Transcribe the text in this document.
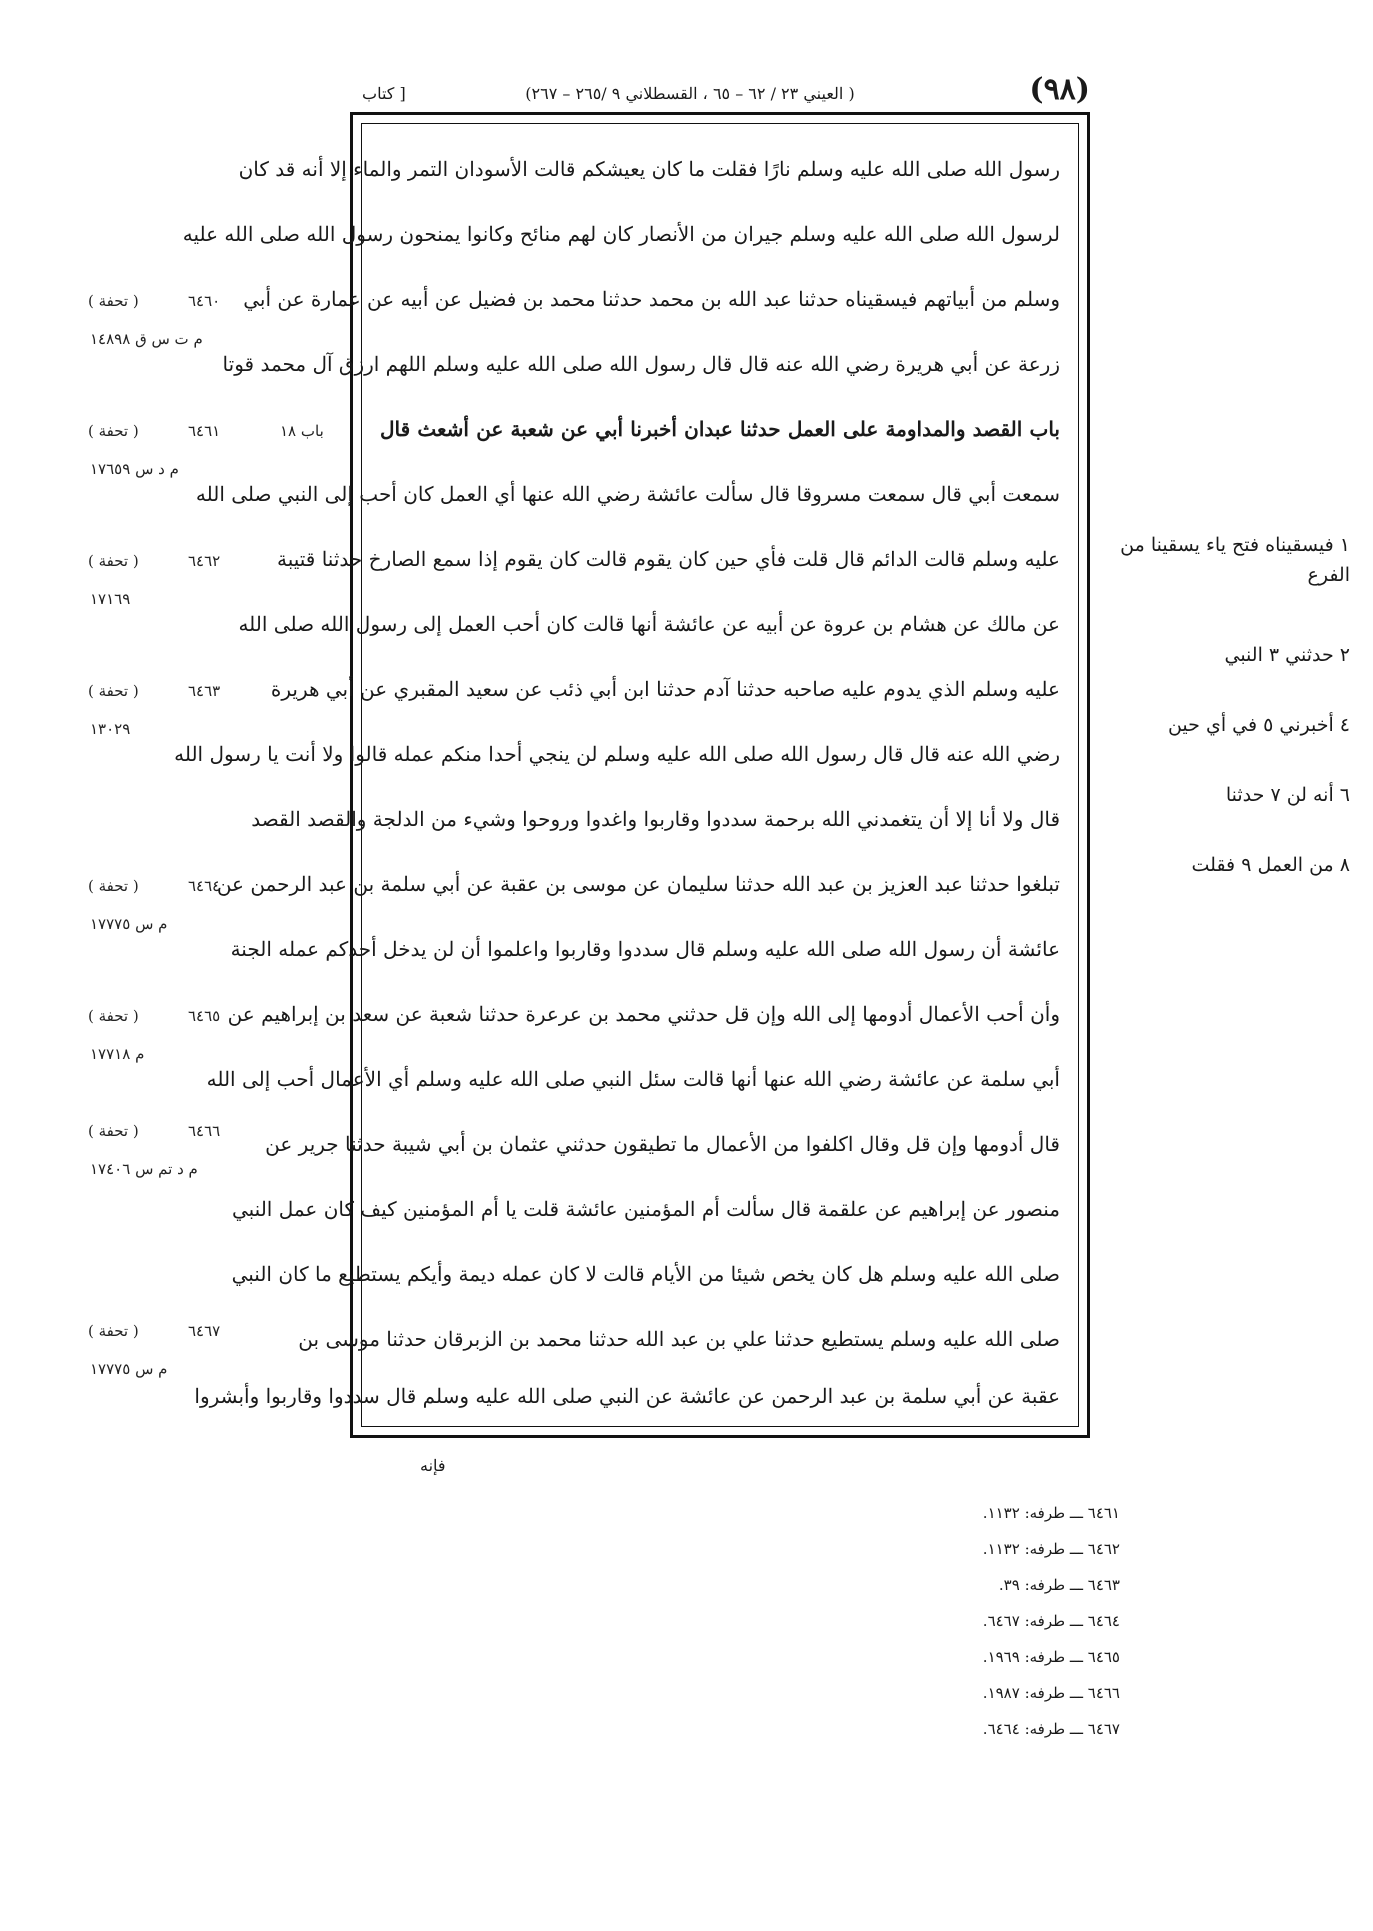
(٩٨)
( العيني ٢٣ / ٦٢ – ٦٥ ، القسطلاني ٩ /٢٦٥ – ٢٦٧)
[ كتاب
رسول الله صلى الله عليه وسلم نارًا فقلت ما كان يعيشكم قالت الأسودان التمر والماء إلا أنه قد كان
لرسول الله صلى الله عليه وسلم جيران من الأنصار كان لهم منائح وكانوا يمنحون رسول الله صلى الله عليه
وسلم من أبياتهم فيسقيناه حدثنا عبد الله بن محمد حدثنا محمد بن فضيل عن أبيه عن عمارة عن أبي
زرعة عن أبي هريرة رضي الله عنه قال قال رسول الله صلى الله عليه وسلم اللهم ارزق آل محمد قوتا
باب القصد والمداومة على العمل حدثنا عبدان أخبرنا أبي عن شعبة عن أشعث قال
سمعت أبي قال سمعت مسروقا قال سألت عائشة رضي الله عنها أي العمل كان أحب إلى النبي صلى الله
عليه وسلم قالت الدائم قال قلت فأي حين كان يقوم قالت كان يقوم إذا سمع الصارخ حدثنا قتيبة
عن مالك عن هشام بن عروة عن أبيه عن عائشة أنها قالت كان أحب العمل إلى رسول الله صلى الله
عليه وسلم الذي يدوم عليه صاحبه حدثنا آدم حدثنا ابن أبي ذئب عن سعيد المقبري عن أبي هريرة
رضي الله عنه قال قال رسول الله صلى الله عليه وسلم لن ينجي أحدا منكم عمله قالوا ولا أنت يا رسول الله
قال ولا أنا إلا أن يتغمدني الله برحمة سددوا وقاربوا واغدوا وروحوا وشيء من الدلجة والقصد القصد
تبلغوا حدثنا عبد العزيز بن عبد الله حدثنا سليمان عن موسى بن عقبة عن أبي سلمة بن عبد الرحمن عن
عائشة أن رسول الله صلى الله عليه وسلم قال سددوا وقاربوا واعلموا أن لن يدخل أحدكم عمله الجنة
وأن أحب الأعمال أدومها إلى الله وإن قل حدثني محمد بن عرعرة حدثنا شعبة عن سعد بن إبراهيم عن
أبي سلمة عن عائشة رضي الله عنها أنها قالت سئل النبي صلى الله عليه وسلم أي الأعمال أحب إلى الله
قال أدومها وإن قل وقال اكلفوا من الأعمال ما تطيقون حدثني عثمان بن أبي شيبة حدثنا جرير عن
منصور عن إبراهيم عن علقمة قال سألت أم المؤمنين عائشة قلت يا أم المؤمنين كيف كان عمل النبي
صلى الله عليه وسلم هل كان يخص شيئا من الأيام قالت لا كان عمله ديمة وأيكم يستطيع ما كان النبي
صلى الله عليه وسلم يستطيع حدثنا علي بن عبد الله حدثنا محمد بن الزبرقان حدثنا موسى بن
عقبة عن أبي سلمة بن عبد الرحمن عن عائشة عن النبي صلى الله عليه وسلم قال سددوا وقاربوا وأبشروا
( تحفة )	٦٤٦٠
م ت س ق ١٤٨٩٨
( تحفة )	٦٤٦١	باب ١٨
م د س ١٧٦٥٩
( تحفة )	٦٤٦٢
١٧١٦٩
( تحفة )	٦٤٦٣
١٣٠٢٩
( تحفة )	٦٤٦٤
م س ١٧٧٧٥
( تحفة )	٦٤٦٥
م ١٧٧١٨
( تحفة )	٦٤٦٦
م د تم س ١٧٤٠٦
( تحفة )	٦٤٦٧
م س ١٧٧٧٥
١ فيسقيناه فتح ياء يسقينا من الفرع
٢ حدثني ٣ النبي
٤ أخبرني ٥ في أي حين
٦ أنه لن ٧ حدثنا
٨ من العمل ٩ فقلت
فإنه
٦٤٦١ ـــ طرفه: ١١٣٢.
٦٤٦٢ ـــ طرفه: ١١٣٢.
٦٤٦٣ ـــ طرفه: ٣٩.
٦٤٦٤ ـــ طرفه: ٦٤٦٧.
٦٤٦٥ ـــ طرفه: ١٩٦٩.
٦٤٦٦ ـــ طرفه: ١٩٨٧.
٦٤٦٧ ـــ طرفه: ٦٤٦٤.
